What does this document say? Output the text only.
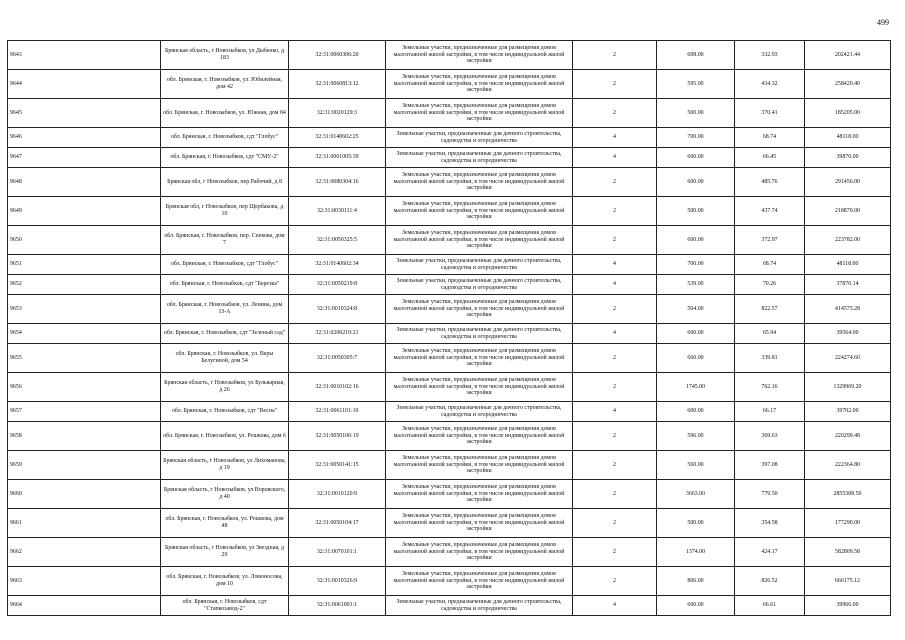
499
9643	Брянская область, г Новозыбков, ул Дыбенко, д 183	32:31:0060306:20	Земельные участки, предназначенные для размещения домов малоэтажной жилой застройки, в том числе индивидуальной жилой застройки	2	608.00	332.93	202421.44
9644	обл. Брянская, г. Новозыбков, ул. Юбилейная, дом 42	32:31:0060813:12	Земельные участки, предназначенные для размещения домов малоэтажной жилой застройки, в том числе индивидуальной жилой застройки	2	595.00	434.32	258420.40
9645	обл. Брянская, г. Новозыбков, ул. Южная, дом 84	32:31:0020129:3	Земельные участки, предназначенные для размещения домов малоэтажной жилой застройки, в том числе индивидуальной жилой застройки	2	500.00	370.41	185205.00
9646	обл. Брянская, г. Новозыбков, сдт "Глобус"	32:31:0140602:25	Земельные участки, предназначенные для дачного строительства, садоводства и огородничества	4	700.00	68.74	48118.00
9647	обл. Брянская, г. Новозыбков, сдт "СМУ-2"	32:31:0061005:39	Земельные участки, предназначенные для дачного строительства, садоводства и огородничества	4	600.00	66.45	39870.00
9648	Брянская обл, г Новозыбков, пер Рабочий, д 8	32:31:0080304:16	Земельные участки, предназначенные для размещения домов малоэтажной жилой застройки, в том числе индивидуальной жилой застройки	2	600.00	485.76	291456.00
9649	Брянская обл, г Новозыбков, пер Щербакова, д 10	32:31:0030111:4	Земельные участки, предназначенные для размещения домов малоэтажной жилой застройки, в том числе индивидуальной жилой застройки	2	500.00	437.74	218870.00
9650	обл. Брянская, г. Новозыбков, пер. Спекова, дом 7	32:31:0050325:5	Земельные участки, предназначенные для размещения домов малоэтажной жилой застройки, в том числе индивидуальной жилой застройки	2	600.00	372.97	223782.00
9651	обл. Брянская, г. Новозыбков, сдт "Глобус"	32:31:0140602:34	Земельные участки, предназначенные для дачного строительства, садоводства и огородничества	4	700.00	68.74	48118.00
9652	обл. Брянская, г. Новозыбков, сдт "Березка"	32:31:0050219:8	Земельные участки, предназначенные для дачного строительства, садоводства и огородничества	4	539.00	70.26	37870.14
9653	обл. Брянская, г. Новозыбков, ул. Ленина, дом 13-А	32:31:0010324:8	Земельные участки, предназначенные для размещения домов малоэтажной жилой застройки, в том числе индивидуальной жилой застройки	2	504.00	822.57	414575.28
9654	обл. Брянская, г. Новозыбков, сдт "Зеленый сад"	32:31:0200210:21	Земельные участки, предназначенные для дачного строительства, садоводства и огородничества	4	600.00	65.94	39564.00
9655	обл. Брянская, г. Новозыбков, ул. Веры Белугиной, дом 54	32:31:0050305:7	Земельные участки, предназначенные для размещения домов малоэтажной жилой застройки, в том числе индивидуальной жилой застройки	2	660.00	339.81	224274.60
9656	Брянская область, г Новозыбков, ул Бульварная, д 26	32:31:0010102:16	Земельные участки, предназначенные для размещения домов малоэтажной жилой застройки, в том числе индивидуальной жилой застройки	2	1745.00	762.16	1329969.20
9657	обл. Брянская, г. Новозыбков, сдт "Весна"	32:31:0061101:10	Земельные участки, предназначенные для дачного строительства, садоводства и огородничества	4	600.00	66.17	39702.00
9658	обл. Брянская, г. Новозыбков, ул. Рошкова, дом 6	32:31:0050106:19	Земельные участки, предназначенные для размещения домов малоэтажной жилой застройки, в том числе индивидуальной жилой застройки	2	596.00	369.63	220299.48
9659	Брянская область, г Новозыбков, ул Лихоманова, д 19	32:31:0050141:15	Земельные участки, предназначенные для размещения домов малоэтажной жилой застройки, в том числе индивидуальной жилой застройки	2	560.00	397.08	222364.80
9660	Брянская область, г Новозыбков, ул Воровского, д 40	32:31:0010120:9	Земельные участки, предназначенные для размещения домов малоэтажной жилой застройки, в том числе индивидуальной жилой застройки	2	3663.00	779.50	2855308.50
9661	обл. Брянская, г. Новозыбков, ул. Рошкова, дом 48	32:31:0050104:17	Земельные участки, предназначенные для размещения домов малоэтажной жилой застройки, в том числе индивидуальной жилой застройки	2	500.00	354.58	177290.00
9662	Брянская область, г Новозыбков, ул Звездная, д 29	32:31:0070101:1	Земельные участки, предназначенные для размещения домов малоэтажной жилой застройки, в том числе индивидуальной жилой застройки	2	1374.00	424.17	582809.58
9663	обл. Брянская, г. Новозыбков, ул. Ломоносова, дом 10	32:31:0010326:9	Земельные участки, предназначенные для размещения домов малоэтажной жилой застройки, в том числе индивидуальной жилой застройки	2	806.00	826.52	666175.12
9664	обл. Брянская, г. Новозыбков, сдт "Стапкозавод-2"	32:31:0061001:1	Земельные участки, предназначенные для дачного строительства, садоводства и огородничества	4	600.00	66.61	39966.00
